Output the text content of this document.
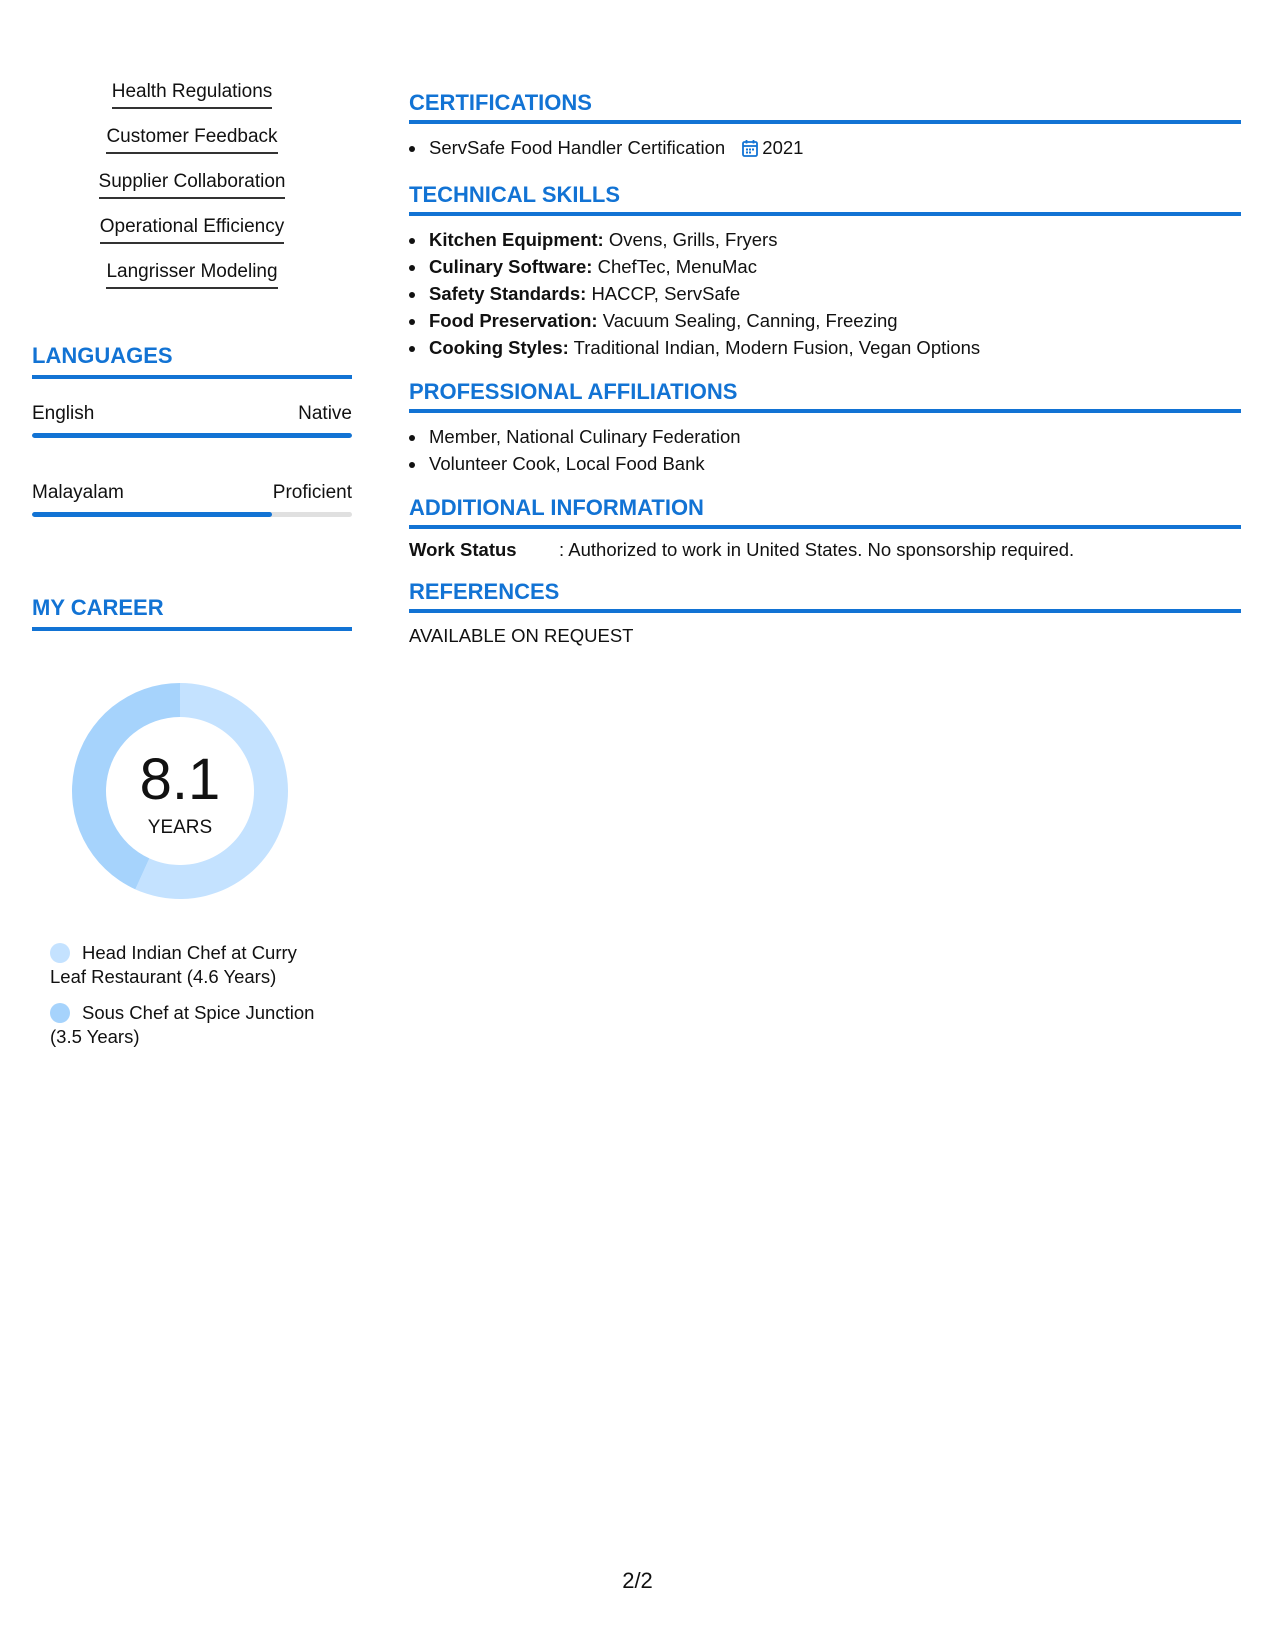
Health Regulations
Customer Feedback
Supplier Collaboration
Operational Efficiency
Langrisser Modeling
LANGUAGES
English	Native
Malayalam	Proficient
MY CAREER
8.1
YEARS
Head Indian Chef at Curry Leaf Restaurant (4.6 Years)
Sous Chef at Spice Junction (3.5 Years)
CERTIFICATIONS
• ServSafe Food Handler Certification 2021
TECHNICAL SKILLS
• Kitchen Equipment: Ovens, Grills, Fryers
• Culinary Software: ChefTec, MenuMac
• Safety Standards: HACCP, ServSafe
• Food Preservation: Vacuum Sealing, Canning, Freezing
• Cooking Styles: Traditional Indian, Modern Fusion, Vegan Options
PROFESSIONAL AFFILIATIONS
• Member, National Culinary Federation
• Volunteer Cook, Local Food Bank
ADDITIONAL INFORMATION
Work Status	: Authorized to work in United States. No sponsorship required.
REFERENCES
AVAILABLE ON REQUEST
2/2
